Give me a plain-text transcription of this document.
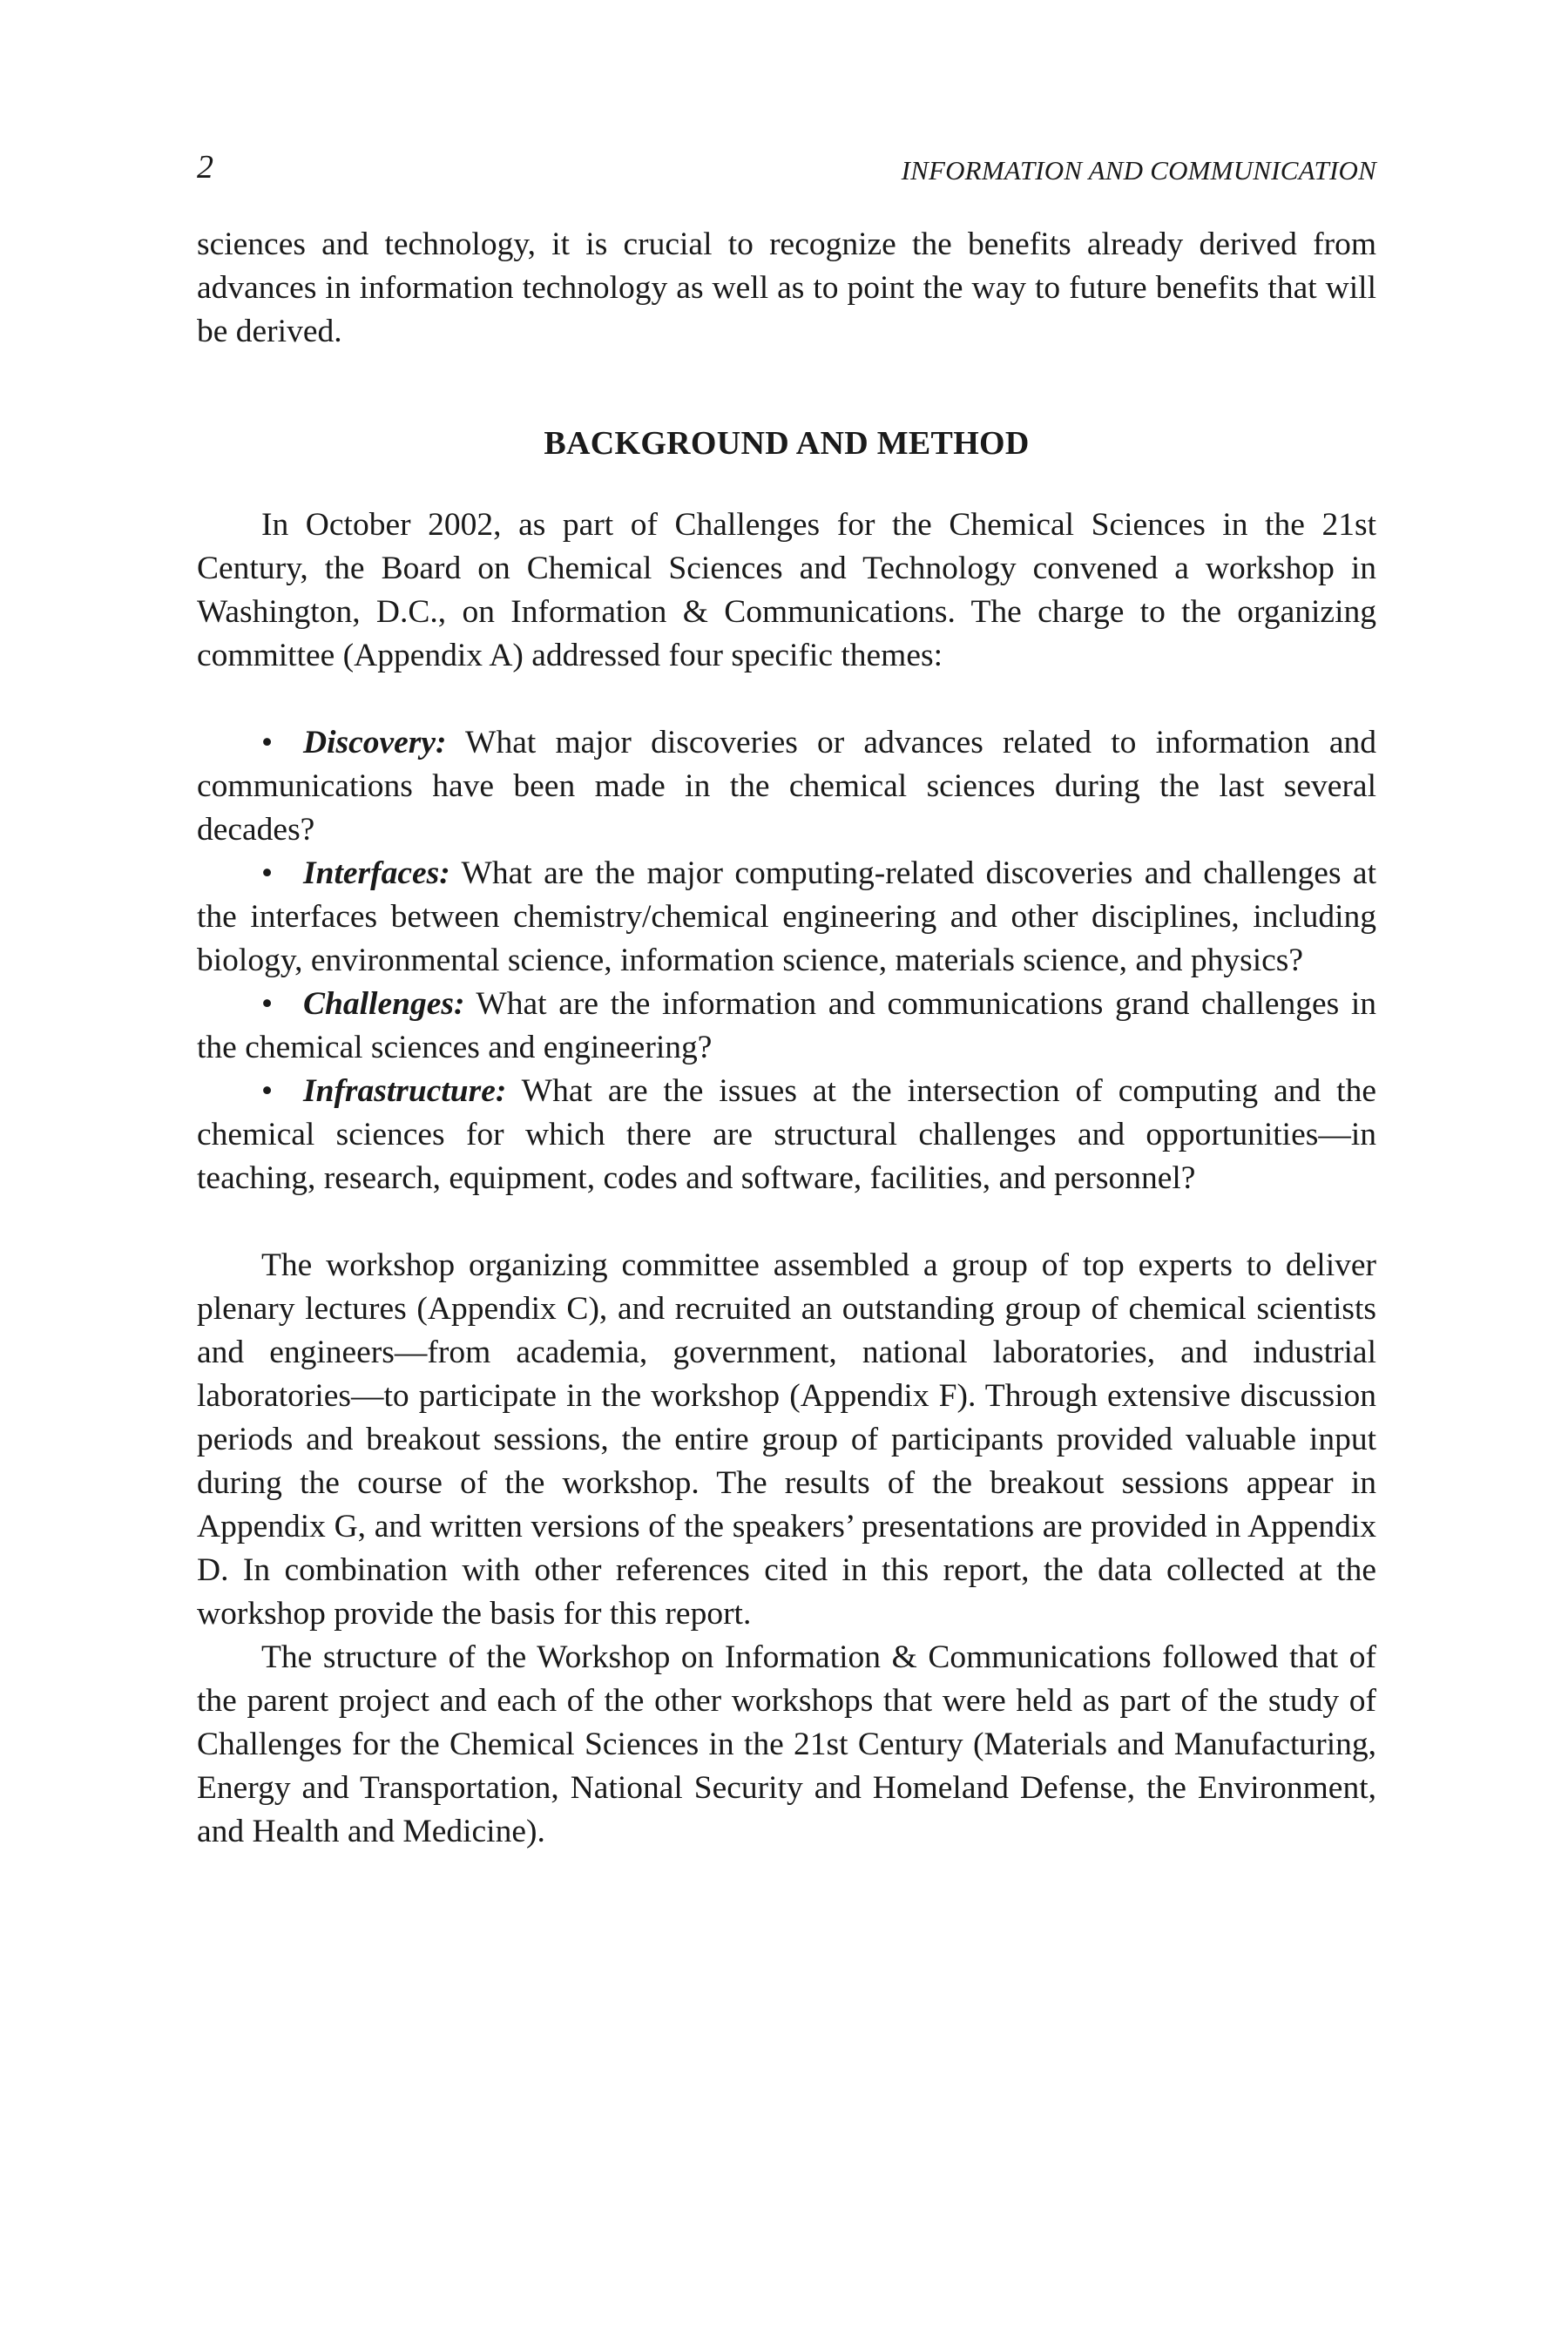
2	INFORMATION AND COMMUNICATION

sciences and technology, it is crucial to recognize the benefits already derived from advances in information technology as well as to point the way to future benefits that will be derived.

BACKGROUND AND METHOD

In October 2002, as part of Challenges for the Chemical Sciences in the 21st Century, the Board on Chemical Sciences and Technology convened a workshop in Washington, D.C., on Information & Communications. The charge to the organizing committee (Appendix A) addressed four specific themes:

• Discovery: What major discoveries or advances related to information and communications have been made in the chemical sciences during the last several decades?

• Interfaces: What are the major computing-related discoveries and challenges at the interfaces between chemistry/chemical engineering and other disciplines, including biology, environmental science, information science, materials science, and physics?

• Challenges: What are the information and communications grand challenges in the chemical sciences and engineering?

• Infrastructure: What are the issues at the intersection of computing and the chemical sciences for which there are structural challenges and opportunities—in teaching, research, equipment, codes and software, facilities, and personnel?

The workshop organizing committee assembled a group of top experts to deliver plenary lectures (Appendix C), and recruited an outstanding group of chemical scientists and engineers—from academia, government, national laboratories, and industrial laboratories—to participate in the workshop (Appendix F). Through extensive discussion periods and breakout sessions, the entire group of participants provided valuable input during the course of the workshop. The results of the breakout sessions appear in Appendix G, and written versions of the speakers’ presentations are provided in Appendix D. In combination with other references cited in this report, the data collected at the workshop provide the basis for this report.

The structure of the Workshop on Information & Communications followed that of the parent project and each of the other workshops that were held as part of the study of Challenges for the Chemical Sciences in the 21st Century (Materials and Manufacturing, Energy and Transportation, National Security and Homeland Defense, the Environment, and Health and Medicine).
